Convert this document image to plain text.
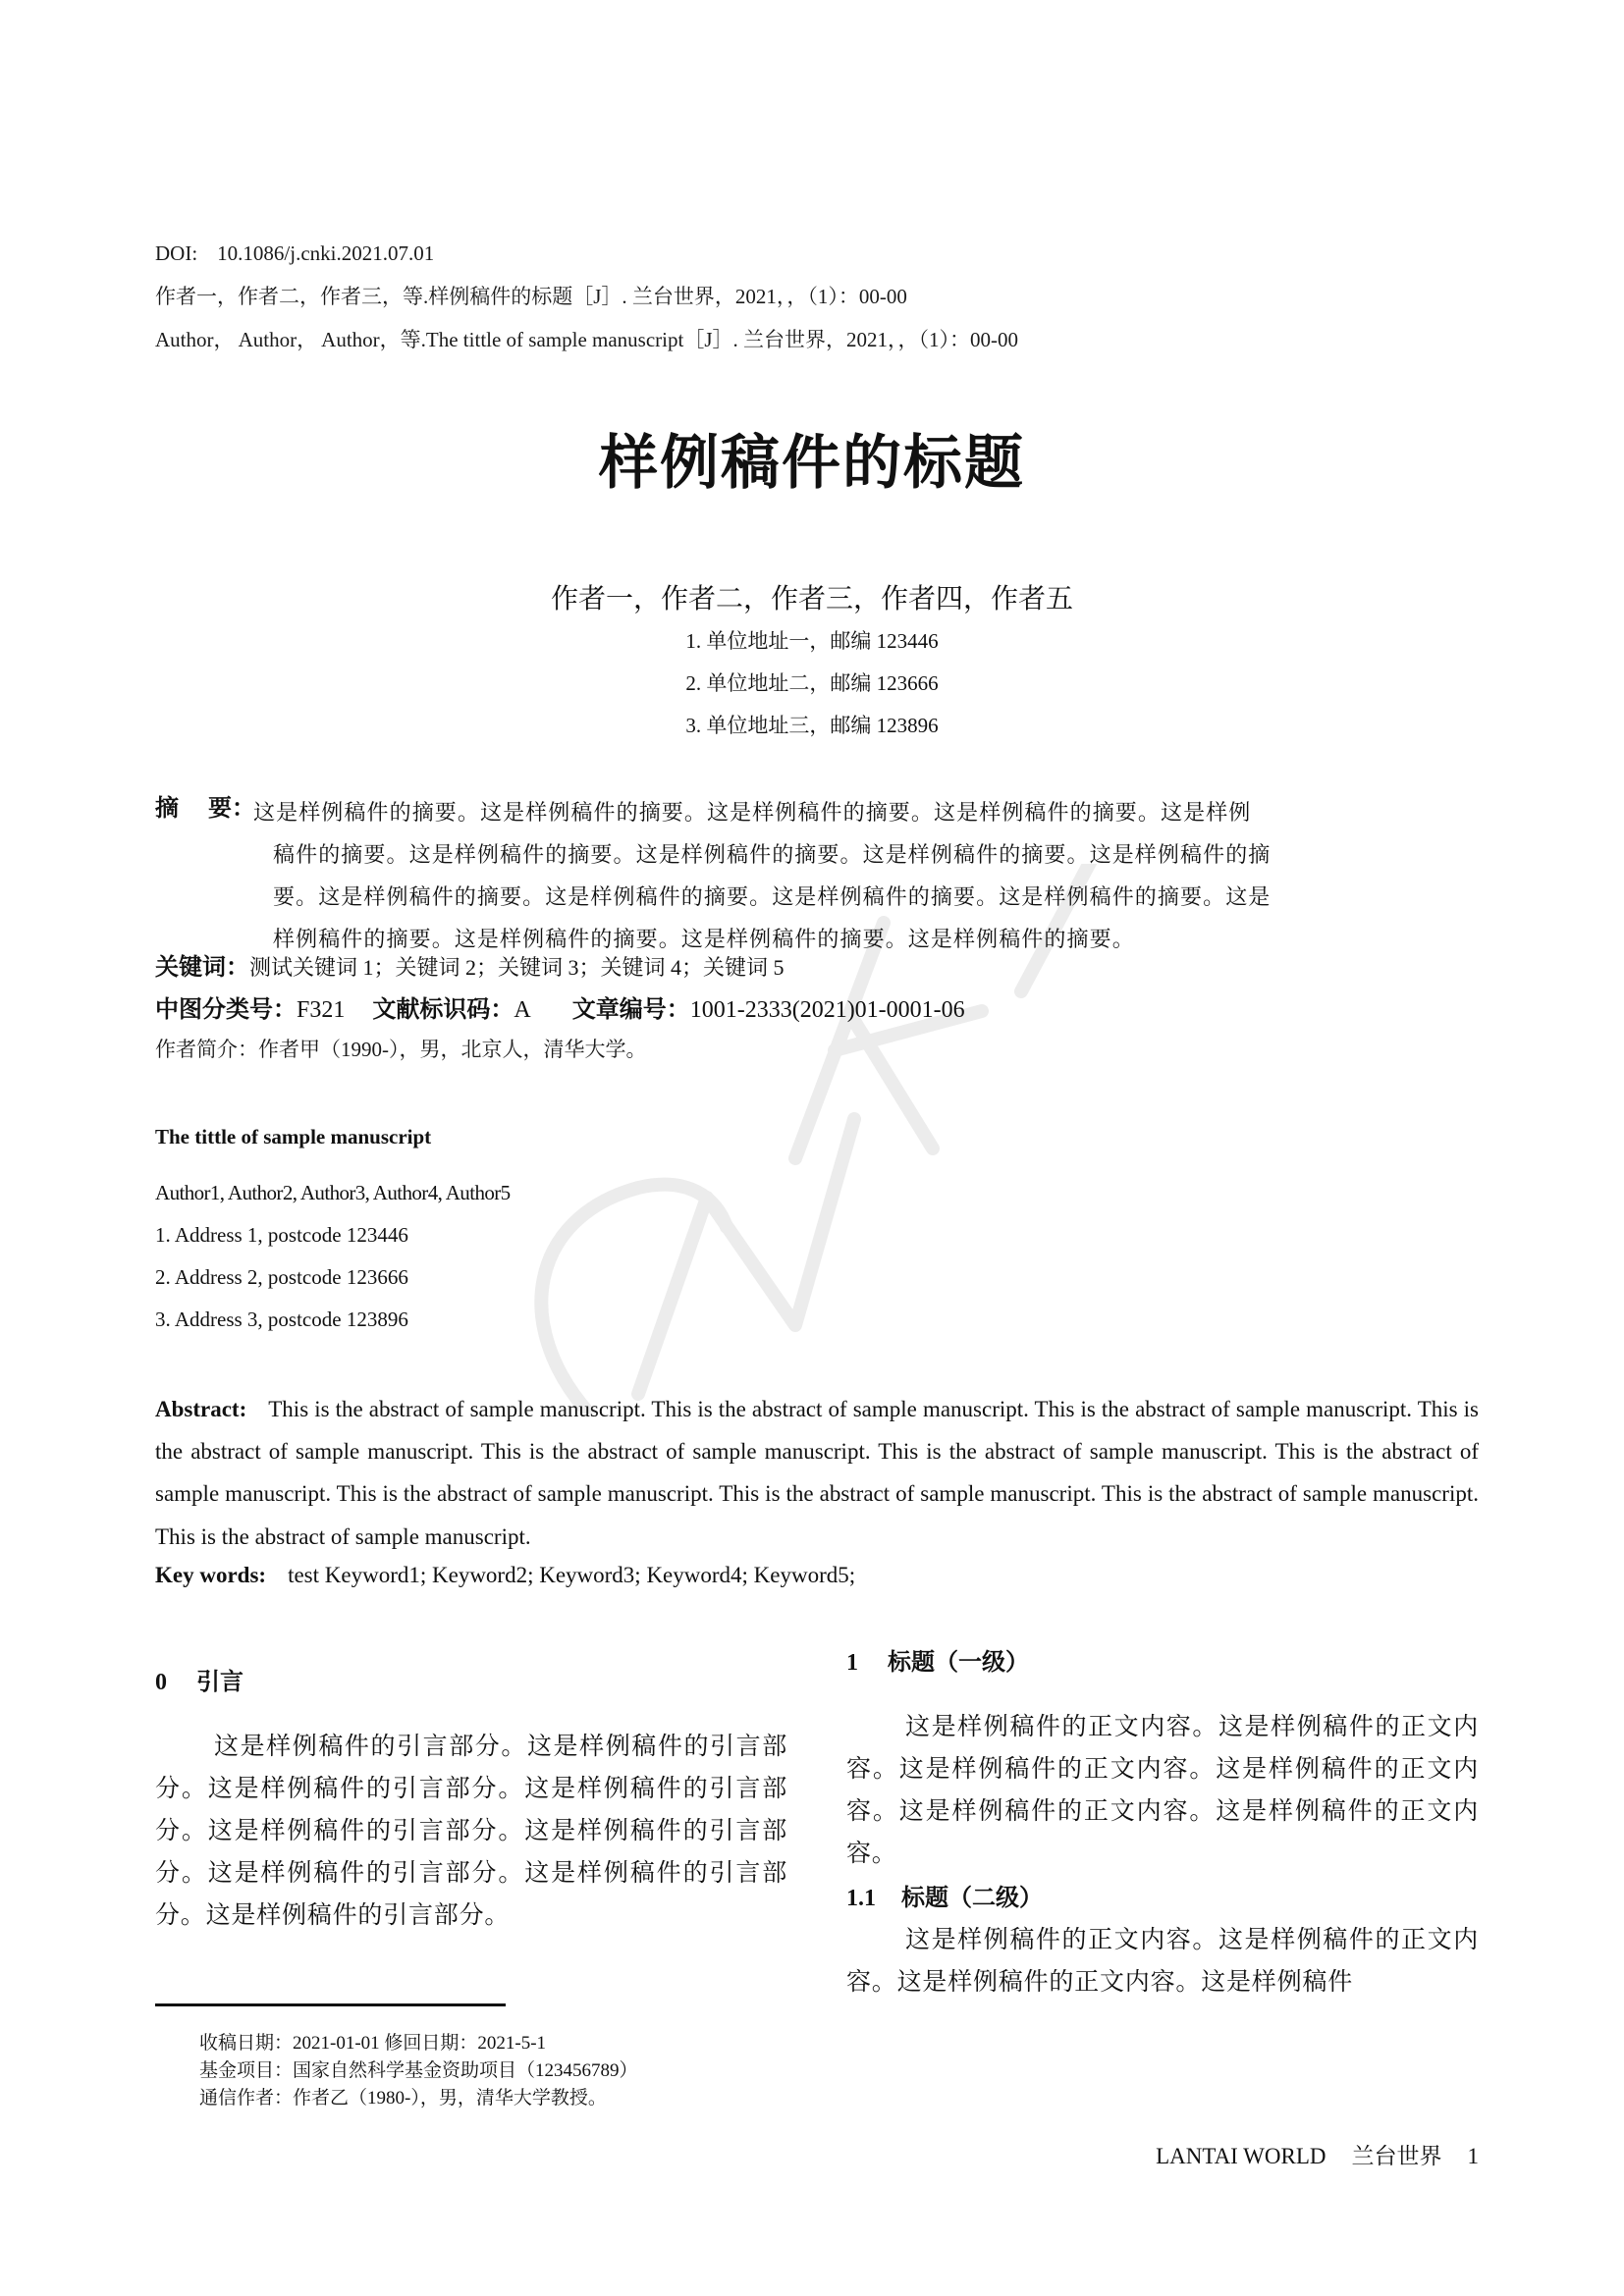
DOI: 10.1086/j.cnki.2021.07.01
作者一，作者二，作者三，等.样例稿件的标题［J］. 兰台世界，2021，，（1）：00-00
Author， Author， Author，等.The tittle of sample manuscript［J］. 兰台世界，2021，，（1）：00-00
样例稿件的标题
作者一，作者二，作者三，作者四，作者五
1. 单位地址一，邮编 123446
2. 单位地址二，邮编 123666
3. 单位地址三，邮编 123896
摘 要：
这是样例稿件的摘要。这是样例稿件的摘要。这是样例稿件的摘要。这是样例稿件的摘要。这是样例
稿件的摘要。这是样例稿件的摘要。这是样例稿件的摘要。这是样例稿件的摘要。这是样例稿件的摘
要。这是样例稿件的摘要。这是样例稿件的摘要。这是样例稿件的摘要。这是样例稿件的摘要。这是
样例稿件的摘要。这是样例稿件的摘要。这是样例稿件的摘要。这是样例稿件的摘要。
关键词：测试关键词 1；关键词 2；关键词 3；关键词 4；关键词 5
中图分类号：F321 文献标识码：A 文章编号：1001-2333(2021)01-0001-06
作者简介：作者甲（1990-），男，北京人，清华大学。
The tittle of sample manuscript
Author1, Author2, Author3, Author4, Author5
1. Address 1, postcode 123446
2. Address 2, postcode 123666
3. Address 3, postcode 123896
Abstract: This is the abstract of sample manuscript. This is the abstract of sample manuscript. This is the abstract of sample manuscript. This is the abstract of sample manuscript. This is the abstract of sample manuscript. This is the abstract of sample manuscript. This is the abstract of sample manuscript. This is the abstract of sample manuscript. This is the abstract of sample manuscript. This is the abstract of sample manuscript. This is the abstract of sample manuscript.
Key words: test Keyword1; Keyword2; Keyword3; Keyword4; Keyword5;
0 引言
这是样例稿件的引言部分。这是样例稿件的引言部分。这是样例稿件的引言部分。这是样例稿件的引言部分。这是样例稿件的引言部分。这是样例稿件的引言部分。这是样例稿件的引言部分。这是样例稿件的引言部分。这是样例稿件的引言部分。
1 标题（一级）
这是样例稿件的正文内容。这是样例稿件的正文内容。这是样例稿件的正文内容。这是样例稿件的正文内容。这是样例稿件的正文内容。这是样例稿件的正文内容。
1.1 标题（二级）
这是样例稿件的正文内容。这是样例稿件的正文内容。这是样例稿件的正文内容。这是样例稿件
收稿日期：2021-01-01 修回日期：2021-5-1
基金项目：国家自然科学基金资助项目（123456789）
通信作者：作者乙（1980-），男，清华大学教授。
LANTAI WORLD 兰台世界 1
